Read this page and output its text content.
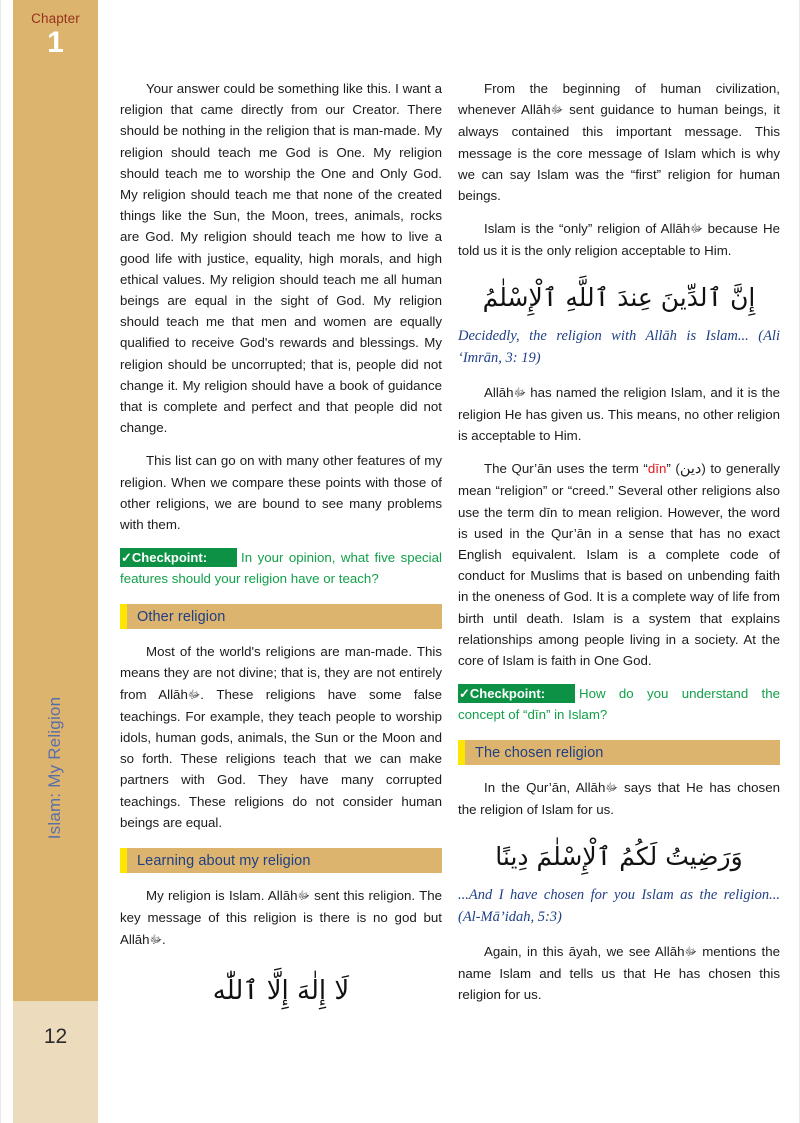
Chapter
1
Islam: My Religion
12

Your answer could be something like this. I want a religion that came directly from our Creator. There should be nothing in the religion that is man-made. My religion should teach me God is One. My religion should teach me to worship the One and Only God. My religion should teach me that none of the created things like the Sun, the Moon, trees, animals, rocks are God. My religion should teach me how to live a good life with justice, equality, high morals, and high ethical values. My religion should teach me all human beings are equal in the sight of God. My religion should teach me that men and women are equally qualified to receive God's rewards and blessings. My religion should be uncorrupted; that is, people did not change it. My religion should have a book of guidance that is complete and perfect and that people did not change.

This list can go on with many other features of my religion. When we compare these points with those of other religions, we are bound to see many problems with them.

✓Checkpoint:	In your opinion, what five special features should your religion have or teach?
Other religion

Most of the world's religions are man-made. This means they are not divine; that is, they are not entirely from Allāhﷻ. These religions have some false teachings. For example, they teach people to worship idols, human gods, animals, the Sun or the Moon and so forth. These religions teach that we can make partners with God. They have many corrupted teachings. These religions do not consider human beings are equal.

Learning about my religion

My religion is Islam. Allāhﷻ sent this religion. The key message of this religion is there is no god but Allāhﷻ.

لَا إِلٰهَ إِلَّا ٱللّٰه

From the beginning of human civilization, whenever Allāhﷻ sent guidance to human beings, it always contained this important message. This message is the core message of Islam which is why we can say Islam was the “first” religion for human beings.

Islam is the “only” religion of Allāhﷻ because He told us it is the only religion acceptable to Him.

إِنَّ ٱلدِّينَ عِندَ ٱللَّهِ ٱلْإِسْلٰمُ
Decidedly, the religion with Allāh is Islam... (Ali ‘Imrān, 3: 19)

Allāhﷻ has named the religion Islam, and it is the religion He has given us. This means, no other religion is acceptable to Him.

The Qur’ān uses the term “dīn” (دين) to generally mean “religion” or “creed.” Several other religions also use the term dīn to mean religion. However, the word is used in the Qur’ān in a sense that has no exact English equivalent. Islam is a complete code of conduct for Muslims that is based on unbending faith in the oneness of God. It is a complete way of life from birth until death. Islam is a system that explains relationships among people living in a society. At the core of Islam is faith in One God.

✓Checkpoint:	How do you understand the concept of “dīn” in Islam?
The chosen religion

In the Qur’ān, Allāhﷻ says that He has chosen the religion of Islam for us.

وَرَضِيتُ لَكُمُ ٱلْإِسْلٰمَ دِينًا
...And I have chosen for you Islam as the religion... (Al-Mā’idah, 5:3)

Again, in this āyah, we see Allāhﷻ mentions the name Islam and tells us that He has chosen this religion for us.
